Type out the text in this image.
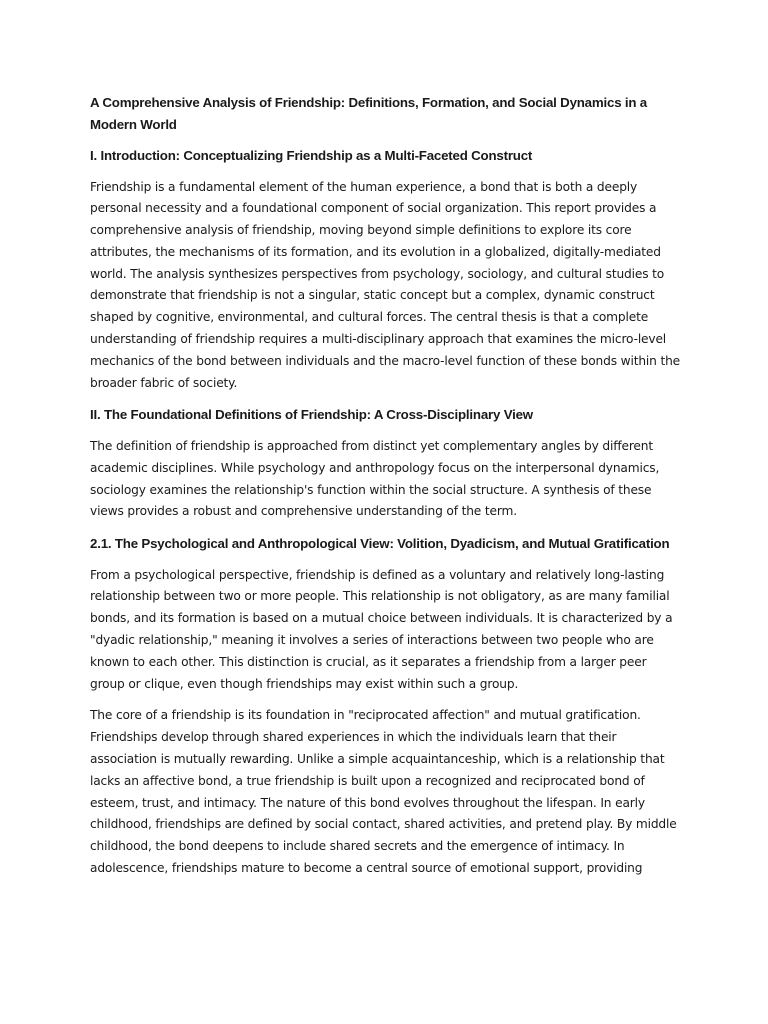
A Comprehensive Analysis of Friendship: Definitions, Formation, and Social Dynamics in a Modern World
I. Introduction: Conceptualizing Friendship as a Multi-Faceted Construct

Friendship is a fundamental element of the human experience, a bond that is both a deeply personal necessity and a foundational component of social organization. This report provides a comprehensive analysis of friendship, moving beyond simple definitions to explore its core attributes, the mechanisms of its formation, and its evolution in a globalized, digitally-mediated world. The analysis synthesizes perspectives from psychology, sociology, and cultural studies to demonstrate that friendship is not a singular, static concept but a complex, dynamic construct shaped by cognitive, environmental, and cultural forces. The central thesis is that a complete understanding of friendship requires a multi-disciplinary approach that examines the micro-level mechanics of the bond between individuals and the macro-level function of these bonds within the broader fabric of society.

II. The Foundational Definitions of Friendship: A Cross-Disciplinary View

The definition of friendship is approached from distinct yet complementary angles by different academic disciplines. While psychology and anthropology focus on the interpersonal dynamics, sociology examines the relationship's function within the social structure. A synthesis of these views provides a robust and comprehensive understanding of the term.

2.1. The Psychological and Anthropological View: Volition, Dyadicism, and Mutual Gratification

From a psychological perspective, friendship is defined as a voluntary and relatively long-lasting relationship between two or more people. This relationship is not obligatory, as are many familial bonds, and its formation is based on a mutual choice between individuals. It is characterized by a "dyadic relationship," meaning it involves a series of interactions between two people who are known to each other. This distinction is crucial, as it separates a friendship from a larger peer group or clique, even though friendships may exist within such a group.

The core of a friendship is its foundation in "reciprocated affection" and mutual gratification. Friendships develop through shared experiences in which the individuals learn that their association is mutually rewarding. Unlike a simple acquaintanceship, which is a relationship that lacks an affective bond, a true friendship is built upon a recognized and reciprocated bond of esteem, trust, and intimacy. The nature of this bond evolves throughout the lifespan. In early childhood, friendships are defined by social contact, shared activities, and pretend play. By middle childhood, the bond deepens to include shared secrets and the emergence of intimacy. In adolescence, friendships mature to become a central source of emotional support, providing
